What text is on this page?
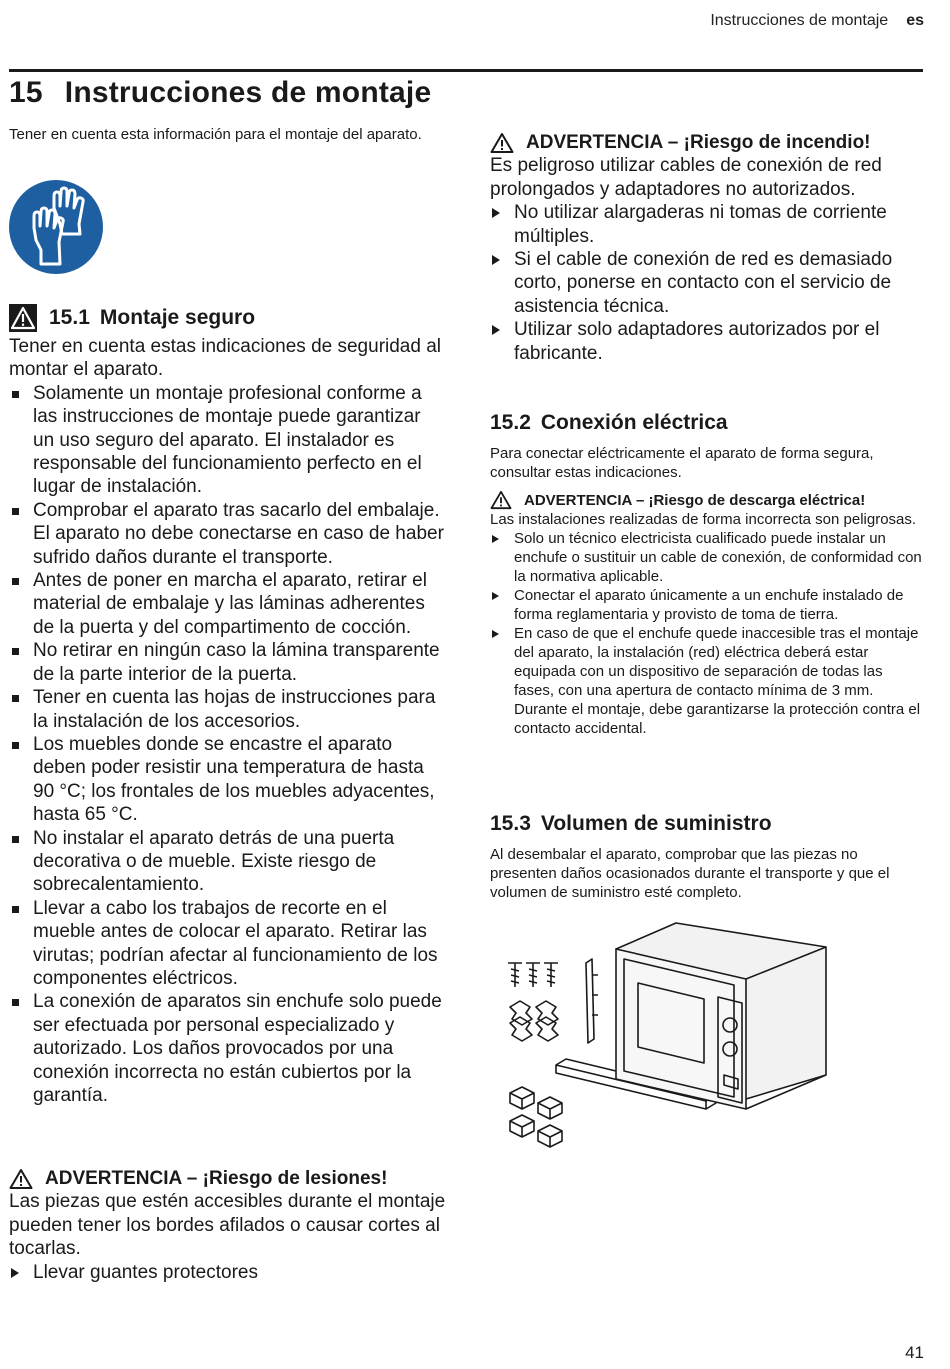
Instrucciones de montaje es
15 Instrucciones de montaje
Tener en cuenta esta información para el montaje del aparato.
15.1 Montaje seguro
Tener en cuenta estas indicaciones de seguridad al montar el aparato.
Solamente un montaje profesional conforme a las instrucciones de montaje puede garantizar un uso seguro del aparato. El instalador es responsable del funcionamiento perfecto en el lugar de instalación.
Comprobar el aparato tras sacarlo del embalaje. El aparato no debe conectarse en caso de haber sufrido daños durante el transporte.
Antes de poner en marcha el aparato, retirar el material de embalaje y las láminas adherentes de la puerta y del compartimento de cocción.
No retirar en ningún caso la lámina transparente de la parte interior de la puerta.
Tener en cuenta las hojas de instrucciones para la instalación de los accesorios.
Los muebles donde se encastre el aparato deben poder resistir una temperatura de hasta 90 °C; los frontales de los muebles adyacentes, hasta 65 °C.
No instalar el aparato detrás de una puerta decorativa o de mueble. Existe riesgo de sobrecalentamiento.
Llevar a cabo los trabajos de recorte en el mueble antes de colocar el aparato. Retirar las virutas; podrían afectar al funcionamiento de los componentes eléctricos.
La conexión de aparatos sin enchufe solo puede ser efectuada por personal especializado y autorizado. Los daños provocados por una conexión incorrecta no están cubiertos por la garantía.
ADVERTENCIA – ¡Riesgo de lesiones!
Las piezas que estén accesibles durante el montaje pueden tener los bordes afilados o causar cortes al tocarlas.
Llevar guantes protectores
ADVERTENCIA – ¡Riesgo de incendio!
Es peligroso utilizar cables de conexión de red prolongados y adaptadores no autorizados.
No utilizar alargaderas ni tomas de corriente múltiples.
Si el cable de conexión de red es demasiado corto, ponerse en contacto con el servicio de asistencia técnica.
Utilizar solo adaptadores autorizados por el fabricante.
15.2 Conexión eléctrica
Para conectar eléctricamente el aparato de forma segura, consultar estas indicaciones.
ADVERTENCIA – ¡Riesgo de descarga eléctrica!
Las instalaciones realizadas de forma incorrecta son peligrosas.
Solo un técnico electricista cualificado puede instalar un enchufe o sustituir un cable de conexión, de conformidad con la normativa aplicable.
Conectar el aparato únicamente a un enchufe instalado de forma reglamentaria y provisto de toma de tierra.
En caso de que el enchufe quede inaccesible tras el montaje del aparato, la instalación (red) eléctrica deberá estar equipada con un dispositivo de separación de todas las fases, con una apertura de contacto mínima de 3 mm. Durante el montaje, debe garantizarse la protección contra el contacto accidental.
15.3 Volumen de suministro
Al desembalar el aparato, comprobar que las piezas no presenten daños ocasionados durante el transporte y que el volumen de suministro esté completo.
41
